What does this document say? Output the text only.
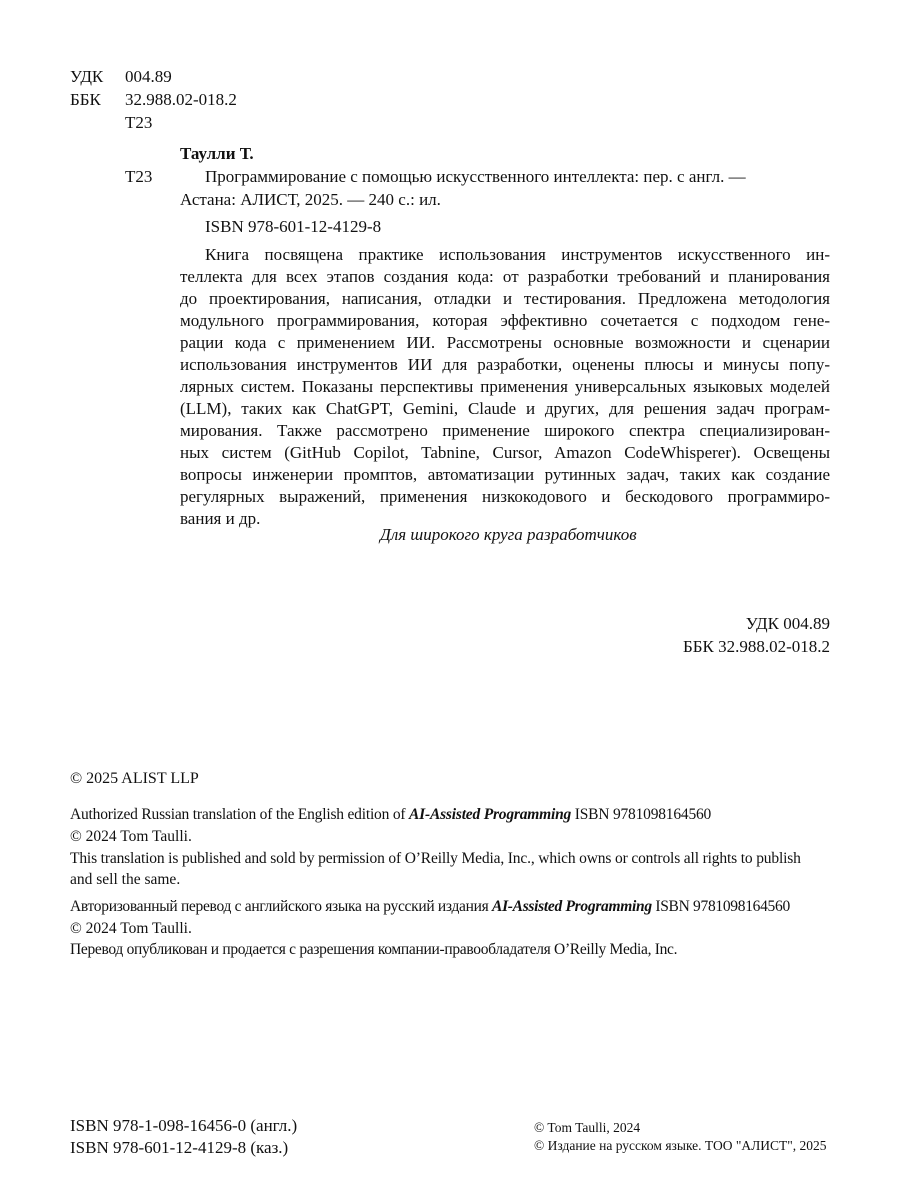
УДК 004.89
ББК 32.988.02-018.2
Т23
Таулли Т.
Т23	Программирование с помощью искусственного интеллекта: пер. с англ. —
Астана: АЛИСТ, 2025. — 240 с.: ил.
ISBN 978-601-12-4129-8
Книга посвящена практике использования инструментов искусственного ин-
теллекта для всех этапов создания кода: от разработки требований и планирования
до проектирования, написания, отладки и тестирования. Предложена методология
модульного программирования, которая эффективно сочетается с подходом гене-
рации кода с применением ИИ. Рассмотрены основные возможности и сценарии
использования инструментов ИИ для разработки, оценены плюсы и минусы попу-
лярных систем. Показаны перспективы применения универсальных языковых моделей
(LLM), таких как ChatGPT, Gemini, Claude и других, для решения задач програм-
мирования. Также рассмотрено применение широкого спектра специализирован-
ных систем (GitHub Copilot, Tabnine, Cursor, Amazon CodeWhisperer). Освещены
вопросы инженерии промптов, автоматизации рутинных задач, таких как создание
регулярных выражений, применения низкокодового и бескодового программиро-
вания и др.
Для широкого круга разработчиков
УДК 004.89
ББК 32.988.02-018.2
© 2025 ALIST LLP
Authorized Russian translation of the English edition of AI-Assisted Programming ISBN 9781098164560
© 2024 Tom Taulli.
This translation is published and sold by permission of O’Reilly Media, Inc., which owns or controls all rights to publish
and sell the same.
Авторизованный перевод с английского языка на русский издания AI-Assisted Programming ISBN 9781098164560
© 2024 Tom Taulli.
Перевод опубликован и продается с разрешения компании-правообладателя O’Reilly Media, Inc.
ISBN 978-1-098-16456-0 (англ.)
ISBN 978-601-12-4129-8 (каз.)
© Tom Taulli, 2024
© Издание на русском языке. ТОО "АЛИСТ", 2025
